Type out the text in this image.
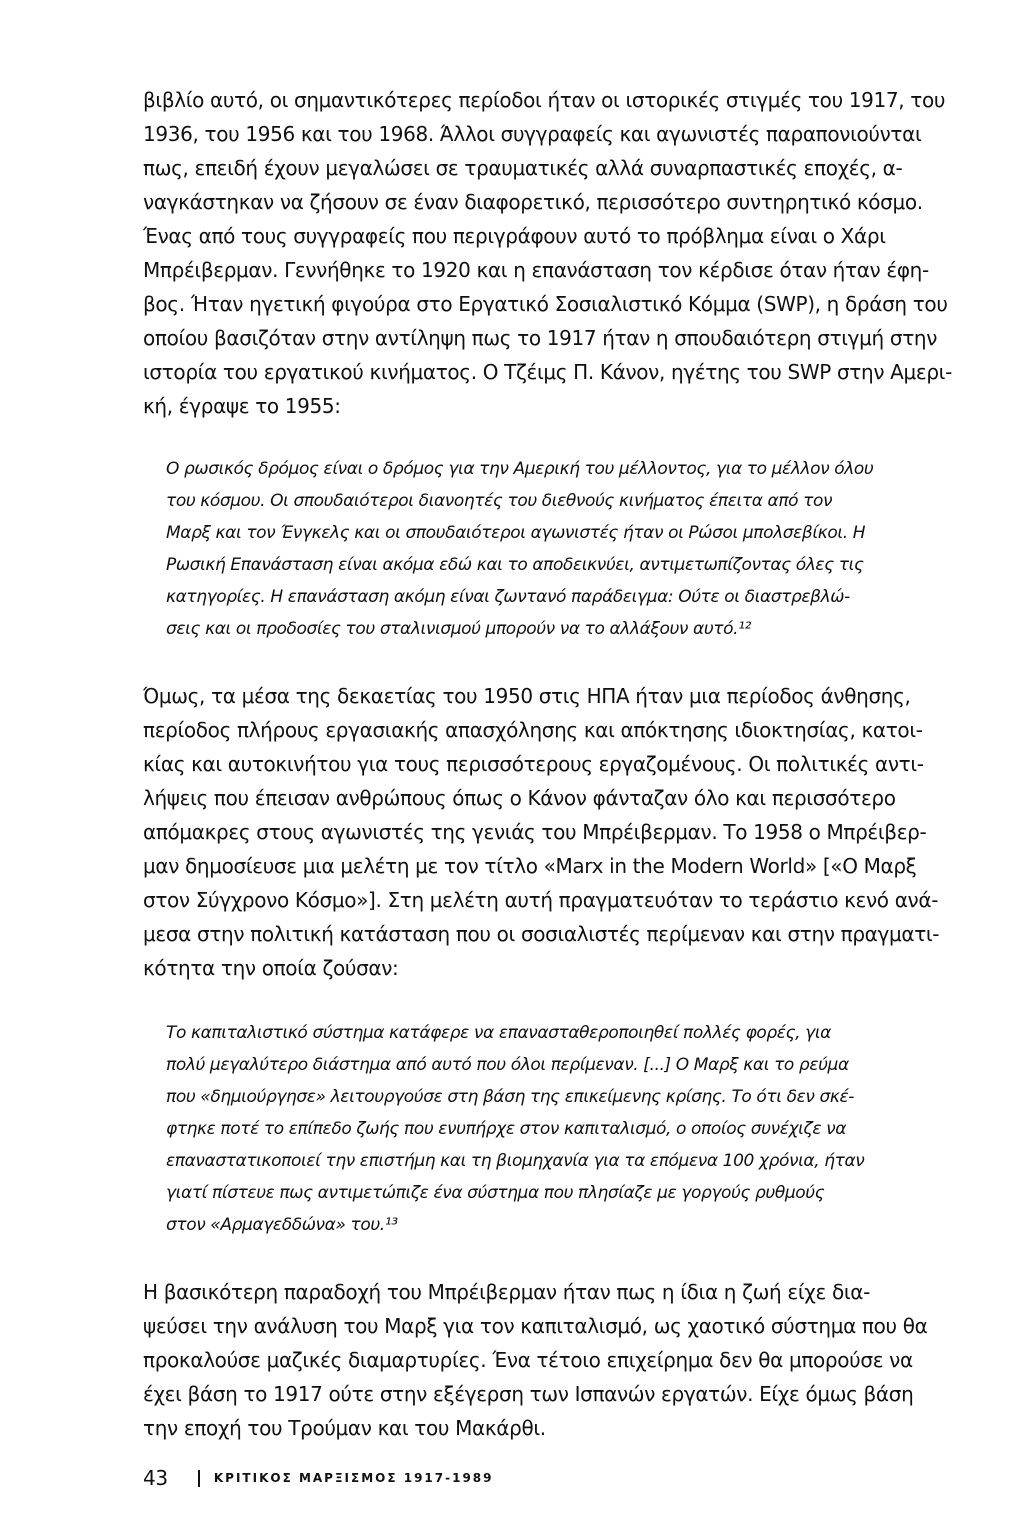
βιβλίο αυτό, οι σημαντικότερες περίοδοι ήταν οι ιστορικές στιγμές του 1917, του

1936, του 1956 και του 1968. Άλλοι συγγραφείς και αγωνιστές παραπονιούνται

πως, επειδή έχουν μεγαλώσει σε τραυματικές αλλά συναρπαστικές εποχές, α-

ναγκάστηκαν να ζήσουν σε έναν διαφορετικό, περισσότερο συντηρητικό κόσμο.

Ένας από τους συγγραφείς που περιγράφουν αυτό το πρόβλημα είναι ο Χάρι

Μπρέιβερμαν. Γεννήθηκε το 1920 και η επανάσταση τον κέρδισε όταν ήταν έφη-

βος. Ήταν ηγετική φιγούρα στο Εργατικό Σοσιαλιστικό Κόμμα (SWP), η δράση του

οποίου βασιζόταν στην αντίληψη πως το 1917 ήταν η σπουδαιότερη στιγμή στην

ιστορία του εργατικού κινήματος. Ο Τζέιμς Π. Κάνον, ηγέτης του SWP στην Αμερι-

κή, έγραψε το 1955:

Ο ρωσικός δρόμος είναι ο δρόμος για την Αμερική του μέλλοντος, για το μέλλον όλου

του κόσμου. Οι σπουδαιότεροι διανοητές του διεθνούς κινήματος έπειτα από τον

Μαρξ και τον Ένγκελς και οι σπουδαιότεροι αγωνιστές ήταν οι Ρώσοι μπολσεβίκοι. Η

Ρωσική Επανάσταση είναι ακόμα εδώ και το αποδεικνύει, αντιμετωπίζοντας όλες τις

κατηγορίες. Η επανάσταση ακόμη είναι ζωντανό παράδειγμα: Ούτε οι διαστρεβλώ-

σεις και οι προδοσίες του σταλινισμού μπορούν να το αλλάξουν αυτό.¹²

Όμως, τα μέσα της δεκαετίας του 1950 στις ΗΠΑ ήταν μια περίοδος άνθησης,

περίοδος πλήρους εργασιακής απασχόλησης και απόκτησης ιδιοκτησίας, κατοι-

κίας και αυτοκινήτου για τους περισσότερους εργαζομένους. Οι πολιτικές αντι-

λήψεις που έπεισαν ανθρώπους όπως ο Κάνον φάνταζαν όλο και περισσότερο

απόμακρες στους αγωνιστές της γενιάς του Μπρέιβερμαν. Το 1958 ο Μπρέιβερ-

μαν δημοσίευσε μια μελέτη με τον τίτλο «Marx in the Modern World» [«Ο Μαρξ

στον Σύγχρονο Κόσμο»]. Στη μελέτη αυτή πραγματευόταν το τεράστιο κενό ανά-

μεσα στην πολιτική κατάσταση που οι σοσιαλιστές περίμεναν και στην πραγματι-

κότητα την οποία ζούσαν:

Το καπιταλιστικό σύστημα κατάφερε να επανασταθεροποιηθεί πολλές φορές, για

πολύ μεγαλύτερο διάστημα από αυτό που όλοι περίμεναν. [...] Ο Μαρξ και το ρεύμα

που «δημιούργησε» λειτουργούσε στη βάση της επικείμενης κρίσης. Το ότι δεν σκέ-

φτηκε ποτέ το επίπεδο ζωής που ενυπήρχε στον καπιταλισμό, ο οποίος συνέχιζε να

επαναστατικοποιεί την επιστήμη και τη βιομηχανία για τα επόμενα 100 χρόνια, ήταν

γιατί πίστευε πως αντιμετώπιζε ένα σύστημα που πλησίαζε με γοργούς ρυθμούς

στον «Αρμαγεδδώνα» του.¹³

Η βασικότερη παραδοχή του Μπρέιβερμαν ήταν πως η ίδια η ζωή είχε δια-

ψεύσει την ανάλυση του Μαρξ για τον καπιταλισμό, ως χαοτικό σύστημα που θα

προκαλούσε μαζικές διαμαρτυρίες. Ένα τέτοιο επιχείρημα δεν θα μπορούσε να

έχει βάση το 1917 ούτε στην εξέγερση των Ισπανών εργατών. Είχε όμως βάση

την εποχή του Τρούμαν και του Μακάρθι.

43	ΚΡΙΤΙΚΟΣ ΜΑΡΞΙΣΜΟΣ 1917-1989
